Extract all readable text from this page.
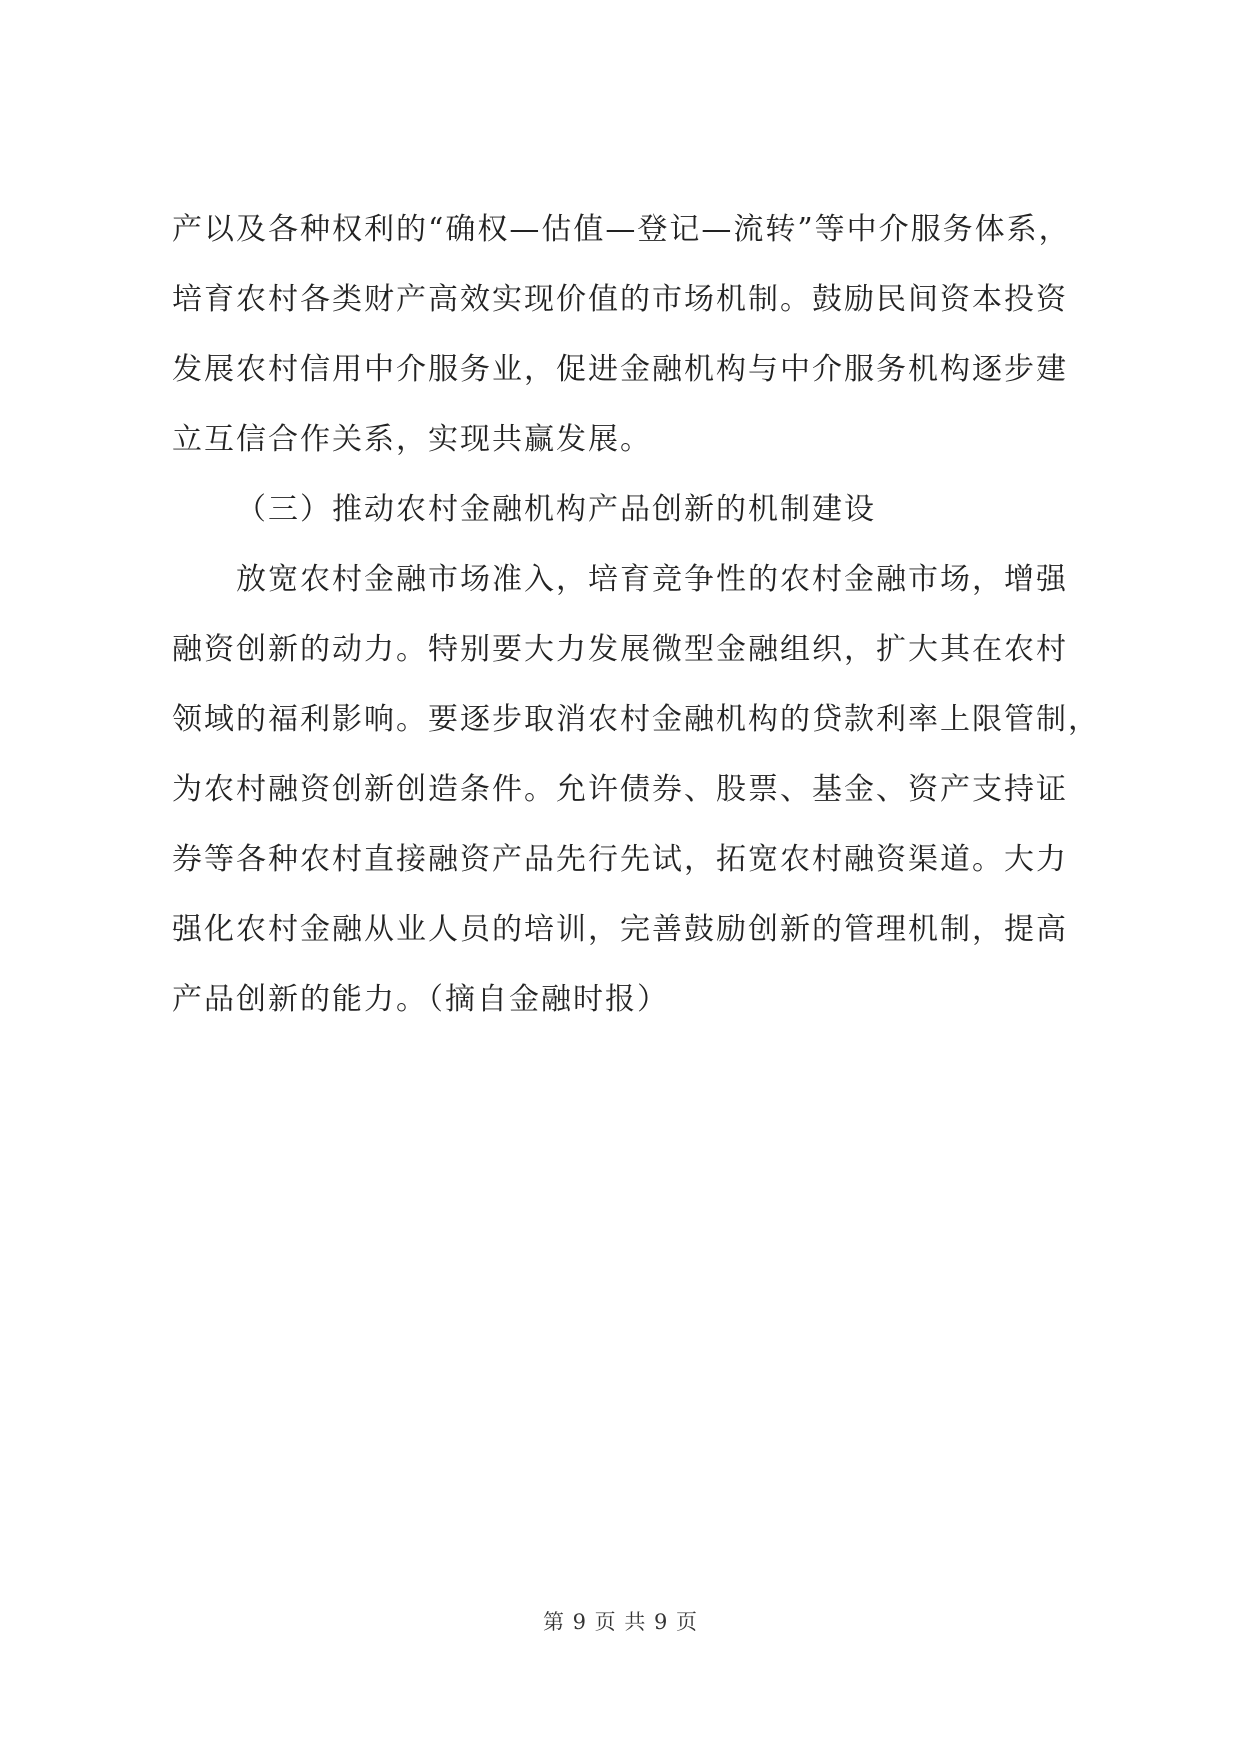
产以及各种权利的“确权—估值—登记—流转”等中介服务体系，
培育农村各类财产高效实现价值的市场机制。鼓励民间资本投资
发展农村信用中介服务业，促进金融机构与中介服务机构逐步建
立互信合作关系，实现共赢发展。
（三）推动农村金融机构产品创新的机制建设
放宽农村金融市场准入，培育竞争性的农村金融市场，增强
融资创新的动力。特别要大力发展微型金融组织，扩大其在农村
领域的福利影响。要逐步取消农村金融机构的贷款利率上限管制，
为农村融资创新创造条件。允许债券、股票、基金、资产支持证
券等各种农村直接融资产品先行先试，拓宽农村融资渠道。大力
强化农村金融从业人员的培训，完善鼓励创新的管理机制，提高
产品创新的能力。（摘自金融时报）
第 9 页 共 9 页
